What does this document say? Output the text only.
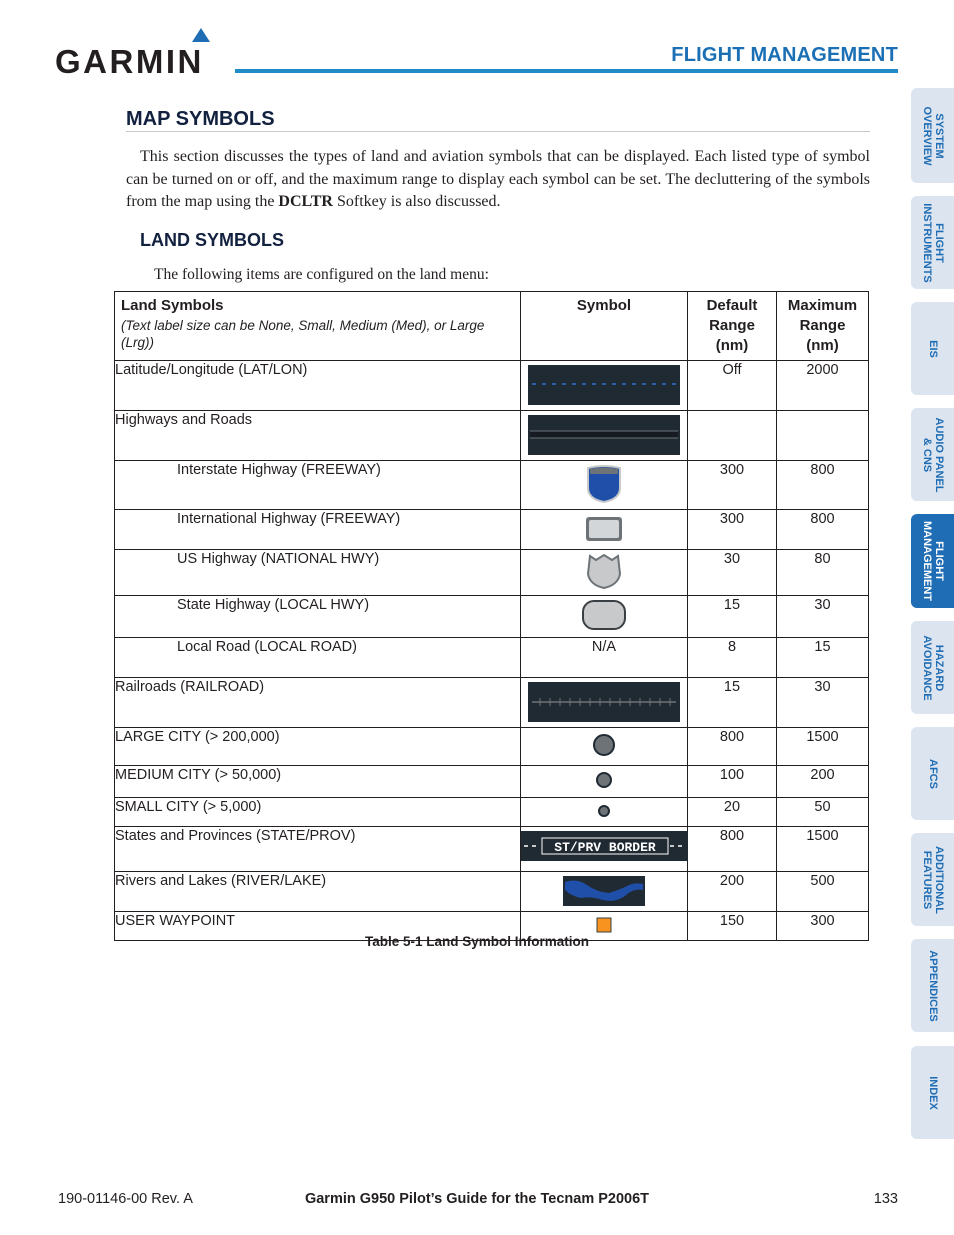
GARMIN	FLIGHT MANAGEMENT
MAP SYMBOLS
This section discusses the types of land and aviation symbols that can be displayed. Each listed type of symbol can be turned on or off, and the maximum range to display each symbol can be set. The decluttering of the symbols from the map using the DCLTR Softkey is also discussed.
LAND SYMBOLS
The following items are configured on the land menu:
Land Symbols
(Text label size can be None, Small, Medium (Med), or Large (Lrg))	Symbol	Default Range (nm)	Maximum Range (nm)
Latitude/Longitude (LAT/LON)		Off	2000
Highways and Roads			
Interstate Highway (FREEWAY)		300	800
International Highway (FREEWAY)		300	800
US Highway (NATIONAL HWY)		30	80
State Highway (LOCAL HWY)		15	30
Local Road (LOCAL ROAD)	N/A	8	15
Railroads (RAILROAD)		15	30
LARGE CITY (> 200,000)		800	1500
MEDIUM CITY (> 50,000)		100	200
SMALL CITY (> 5,000)		20	50
States and Provinces (STATE/PROV)	ST/PRV BORDER	800	1500
Rivers and Lakes (RIVER/LAKE)		200	500
USER WAYPOINT		150	300
Table 5-1 Land Symbol Information
SYSTEM
OVERVIEW
FLIGHT
INSTRUMENTS
EIS
AUDIO PANEL
& CNS
FLIGHT
MANAGEMENT
HAZARD
AVOIDANCE
AFCS
ADDITIONAL
FEATURES
APPENDICES
INDEX
190-01146-00 Rev. A	Garmin G950 Pilot’s Guide for the Tecnam P2006T	133
